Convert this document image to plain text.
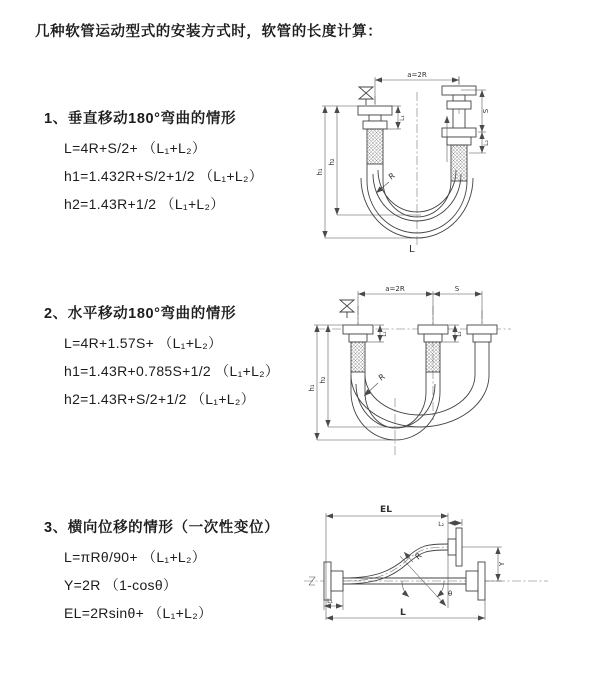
几种软管运动型式的安装方式时，软管的长度计算：
1、垂直移动180°弯曲的情形
L=4R+S/2+ （L₁+L₂）
h1=1.432R+S/2+1/2 （L₁+L₂）
h2=1.43R+1/2 （L₁+L₂）
2、水平移动180°弯曲的情形
L=4R+1.57S+ （L₁+L₂）
h1=1.43R+0.785S+1/2 （L₁+L₂）
h2=1.43R+S/2+1/2 （L₁+L₂）
3、横向位移的情形（一次性变位）
L=πRθ/90+ （L₁+L₂）
Y=2R （1-cosθ）
EL=2Rsinθ+ （L₁+L₂）
a=2R
L₁
S
L₂
h₁
h₂
R
L
a=2R	S
L₁	L₂
h₁
h₂	R
EL
L₂
Y
R
θ
L₁
L
